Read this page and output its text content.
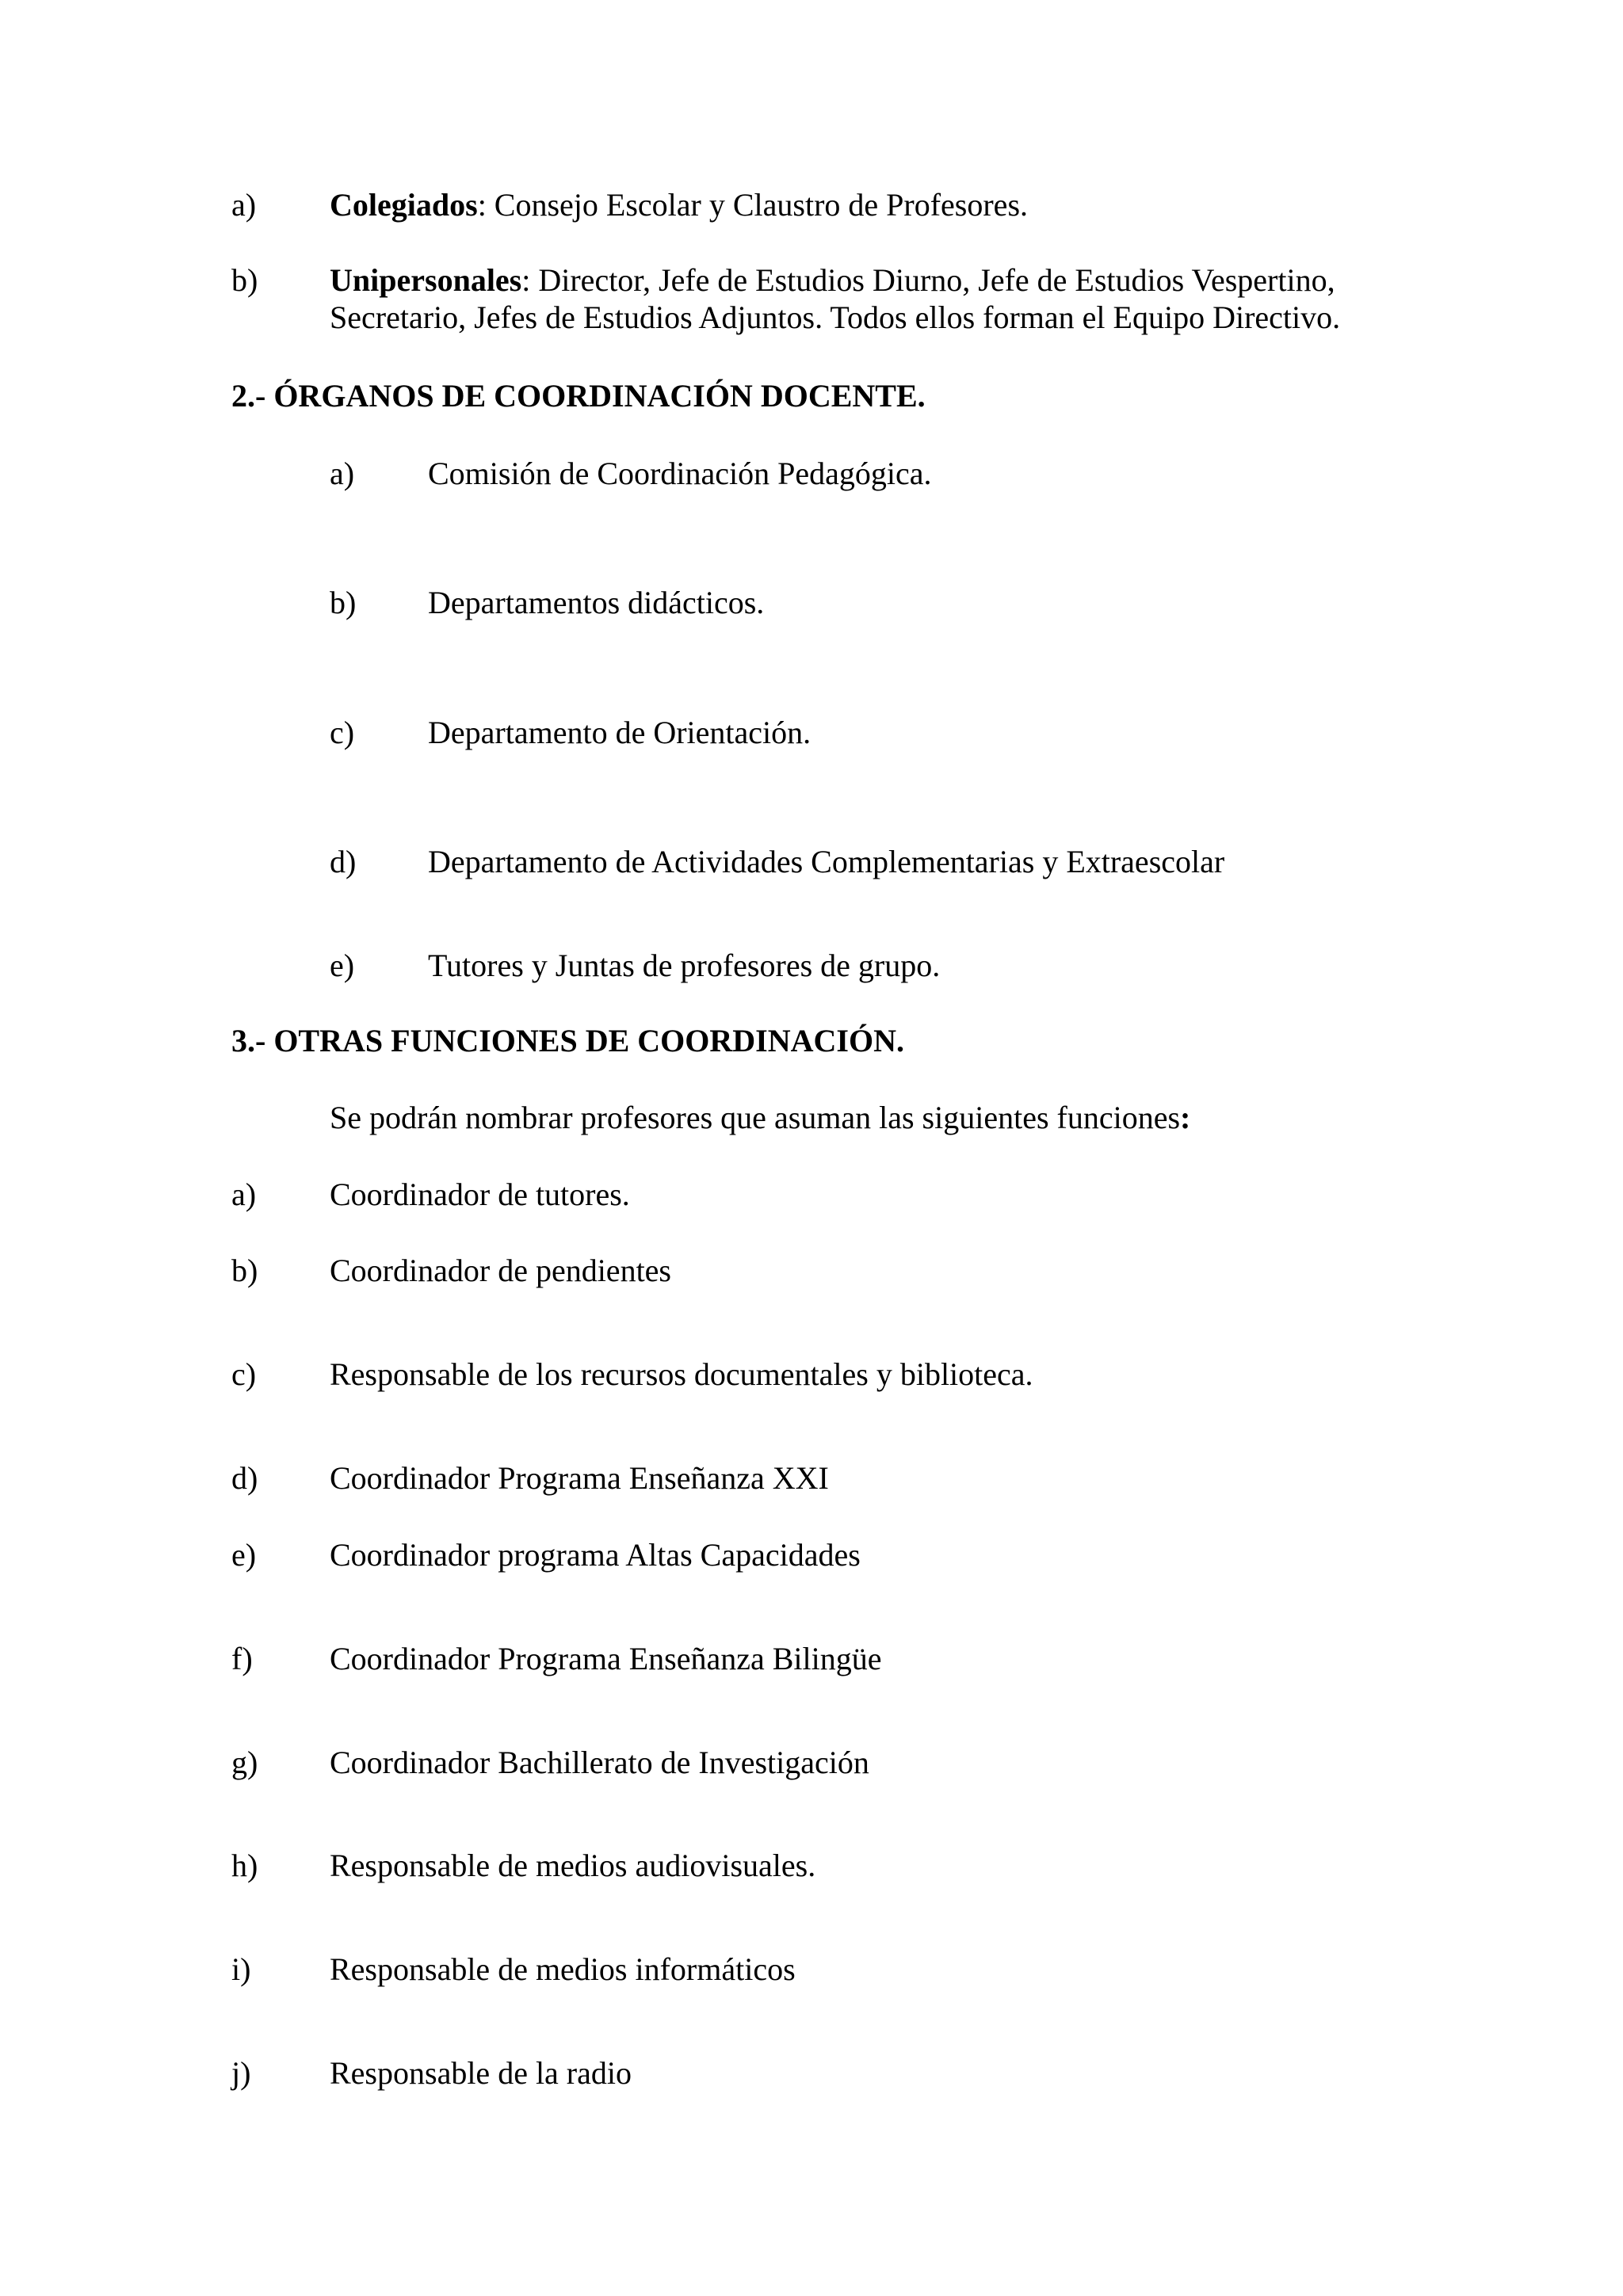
a) Colegiados: Consejo Escolar y Claustro de Profesores.
b) Unipersonales: Director, Jefe de Estudios Diurno, Jefe de Estudios Vespertino,
Secretario, Jefes de Estudios Adjuntos. Todos ellos forman el Equipo Directivo.
2.- ÓRGANOS DE COORDINACIÓN DOCENTE.
a) Comisión de Coordinación Pedagógica.
b) Departamentos didácticos.
c) Departamento de Orientación.
d) Departamento de Actividades Complementarias y Extraescolar
e) Tutores y Juntas de profesores de grupo.
3.- OTRAS FUNCIONES DE COORDINACIÓN.
Se podrán nombrar profesores que asuman las siguientes funciones:
a) Coordinador de tutores.
b) Coordinador de pendientes
c) Responsable de los recursos documentales y biblioteca.
d) Coordinador Programa Enseñanza XXI
e) Coordinador programa Altas Capacidades
f) Coordinador Programa Enseñanza Bilingüe
g) Coordinador Bachillerato de Investigación
h) Responsable de medios audiovisuales.
i) Responsable de medios informáticos
j) Responsable de la radio
